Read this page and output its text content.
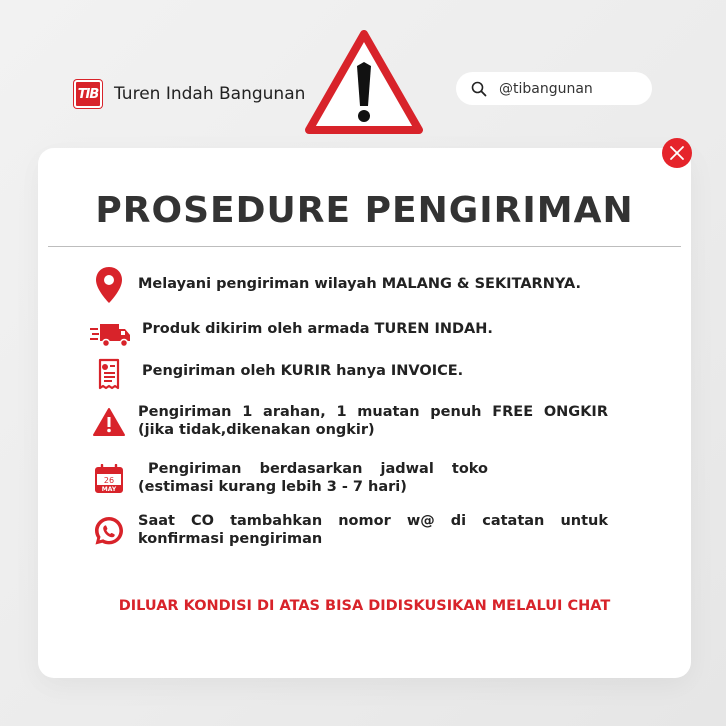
TIB Turen Indah Bangunan	@tibangunan
PROSEDURE PENGIRIMAN
Melayani pengiriman wilayah MALANG & SEKITARNYA.
Produk dikirim oleh armada TUREN INDAH.
Pengiriman oleh KURIR hanya INVOICE.
Pengiriman 1 arahan, 1 muatan penuh FREE ONGKIR
(jika tidak,dikenakan ongkir)
26
MAY
Pengiriman berdasarkan jadwal toko
(estimasi kurang lebih 3 - 7 hari)
Saat CO tambahkan nomor w@ di catatan untuk
konfirmasi pengiriman
DILUAR KONDISI DI ATAS BISA DIDISKUSIKAN MELALUI CHAT
